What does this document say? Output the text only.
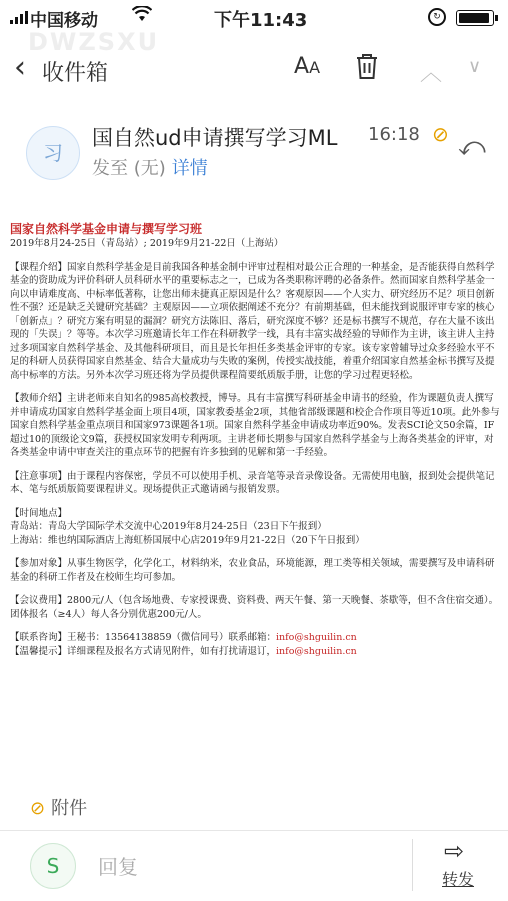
中国移动	下午11:43	↻
DWZSXU
‹ 收件箱	AA	︿ ∨
习
国自然ud申请撰写学习ML 16:18 ⊘ ⤺
发至 (无) 详情
国家自然科学基金申请与撰写学习班
2019年8月24-25日（青岛站）; 2019年9月21-22日（上海站）

【课程介绍】国家自然科学基金是目前我国各种基金制中评审过程相对最公正合理的一种基金，是否能获得自然科学基金的资助成为评价科研人员科研水平的重要标志之一，已成为各类职称评聘的必备条件。然而国家自然科学基金一向以申请难度高、中标率低著称，让您出师未捷真正原因是什么？客观原因——个人实力、研究经历不足？项目创新性不强？还是缺乏关键研究基础？主观原因——立项依据阐述不充分？有前期基础，但未能找到说服评审专家的核心「创新点」？研究方案有明显的漏洞？研究方法陈旧、落后，研究深度不够？还是标书撰写不规范，存在大量不该出现的「失误」？等等。本次学习班邀请长年工作在科研教学一线，具有丰富实战经验的导师作为主讲，该主讲人主持过多项国家自然科学基金、及其他科研项目，而且是长年担任多类基金评审的专家。该专家曾辅导过众多经验水平不足的科研人员获得国家自然基金、结合大量成功与失败的案例，传授实战技能，着重介绍国家自然基金标书撰写及提高中标率的方法。另外本次学习班还将为学员提供课程简要纸质版手册，让您的学习过程更轻松。

【教师介绍】主讲老师来自知名的985高校教授，博导。具有丰富撰写科研基金申请书的经验，作为课题负责人撰写并申请成功国家自然科学基金面上项目4项，国家教委基金2项，其他省部级课题和校企合作项目等近10项。此外参与国家自然科学基金重点项目和国家973课题各1项。国家自然科学基金申请成功率近90%。发表SCI论文50余篇，IF超过10的顶级论文9篇，获授权国家发明专利两项。主讲老师长期参与国家自然科学基金与上海各类基金的评审，对各类基金申请中审查关注的重点环节的把握有许多独到的见解和第一手经验。

【注意事项】由于课程内容保密，学员不可以使用手机、录音笔等录音录像设备。无需使用电脑，报到处会提供笔记本、笔与纸质版简要课程讲义。现场提供正式邀请函与报销发票。

【时间地点】
青岛站：青岛大学国际学术交流中心2019年8月24-25日（23日下午报到）
上海站：维也纳国际酒店上海虹桥国展中心店2019年9月21-22日（20下午日报到）

【参加对象】从事生物医学，化学化工，材料纳米，农业食品，环境能源，理工类等相关领域，需要撰写及申请科研基金的科研工作者及在校师生均可参加。

【会议费用】2800元/人（包含场地费、专家授课费、资料费、两天午餐、第一天晚餐、茶歇等，但不含住宿交通）。团体报名（≥4人）每人各分别优惠200元/人。

【联系咨询】王秘书：13564138859（微信同号）联系邮箱：info@shguilin.cn
【温馨提示】详细课程及报名方式请见附件，如有打扰请退订，info@shguilin.cn
⊘ 附件
S	回复
⇨
转发
